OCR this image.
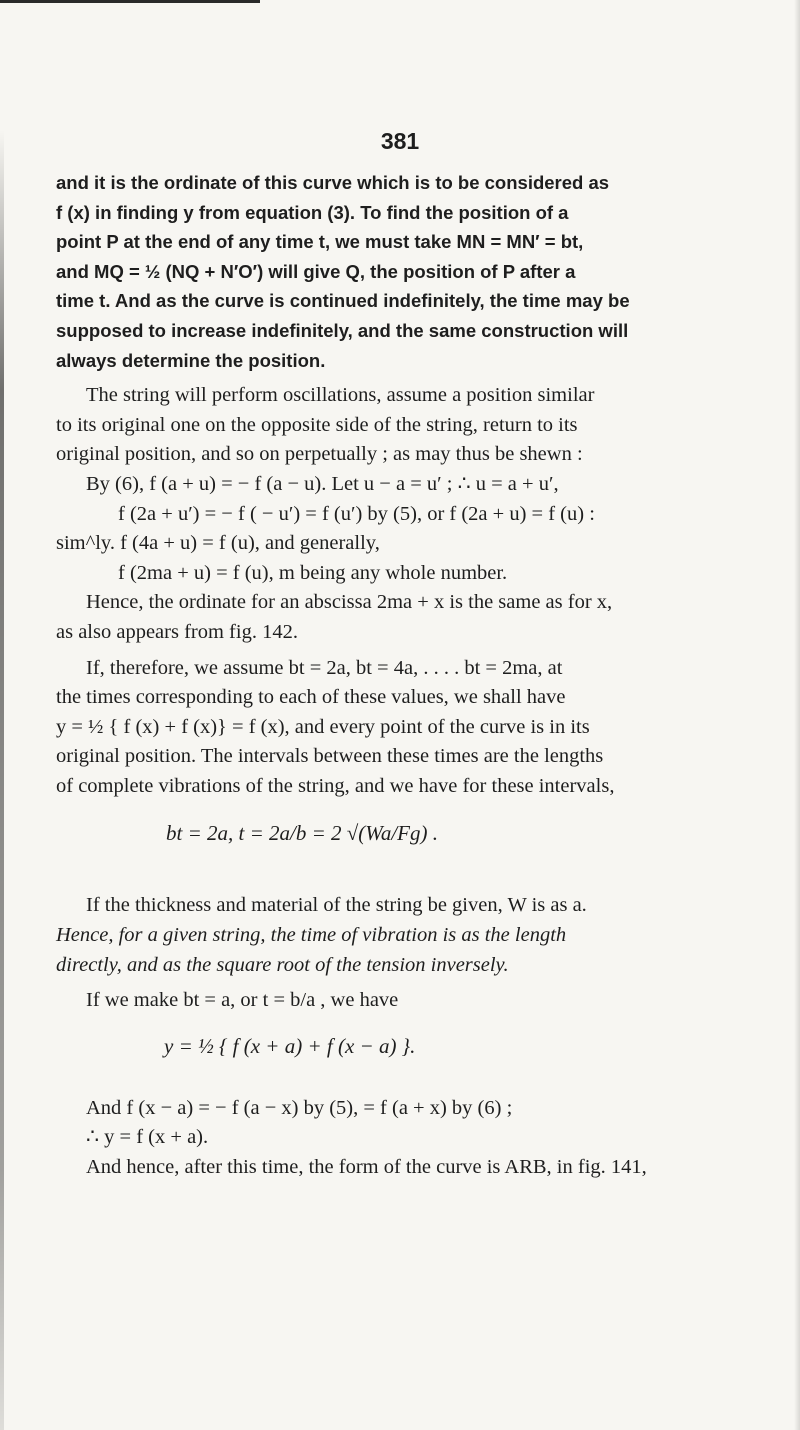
381
and it is the ordinate of this curve which is to be considered as
f (x) in finding y from equation (3). To find the position of a
point P at the end of any time t, we must take MN = MN′ = bt,
and MQ = ½ (NQ + N′O′) will give Q, the position of P after a
time t. And as the curve is continued indefinitely, the time may be
supposed to increase indefinitely, and the same construction will
always determine the position.
The string will perform oscillations, assume a position similar
to its original one on the opposite side of the string, return to its
original position, and so on perpetually ; as may thus be shewn :
By (6), f (a + u) = − f (a − u). Let u − a = u′ ; ∴ u = a + u′,
f (2a + u′) = − f ( − u′) = f (u′) by (5), or f (2a + u) = f (u) :
sim^ly. f (4a + u) = f (u), and generally,
f (2ma + u) = f (u), m being any whole number.
Hence, the ordinate for an abscissa 2ma + x is the same as for x,
as also appears from fig. 142.
If, therefore, we assume bt = 2a, bt = 4a, . . . . bt = 2ma, at
the times corresponding to each of these values, we shall have
y = ½ { f (x) + f (x)} = f (x), and every point of the curve is in its
original position. The intervals between these times are the lengths
of complete vibrations of the string, and we have for these intervals,
bt = 2a, t = 2a/b = 2 √(Wa/Fg) .
If the thickness and material of the string be given, W is as a.
Hence, for a given string, the time of vibration is as the length
directly, and as the square root of the tension inversely.
If we make bt = a, or t = b/a , we have
y = ½ { f (x + a) + f (x − a) }.
And f (x − a) = − f (a − x) by (5), = f (a + x) by (6) ;
∴ y = f (x + a).
And hence, after this time, the form of the curve is ARB, in fig. 141,
